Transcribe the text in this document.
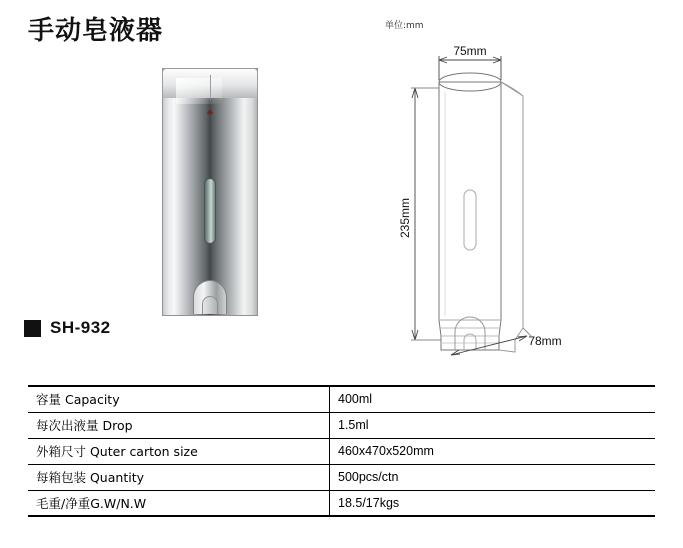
手动皂液器	单位:mm
♣
SH-932
75mm
235mm
78mm
容量 Capacity	400ml
每次出液量 Drop	1.5ml
外箱尺寸 Quter carton size	460x470x520mm
每箱包装 Quantity	500pcs/ctn
毛重/净重G.W/N.W	18.5/17kgs
